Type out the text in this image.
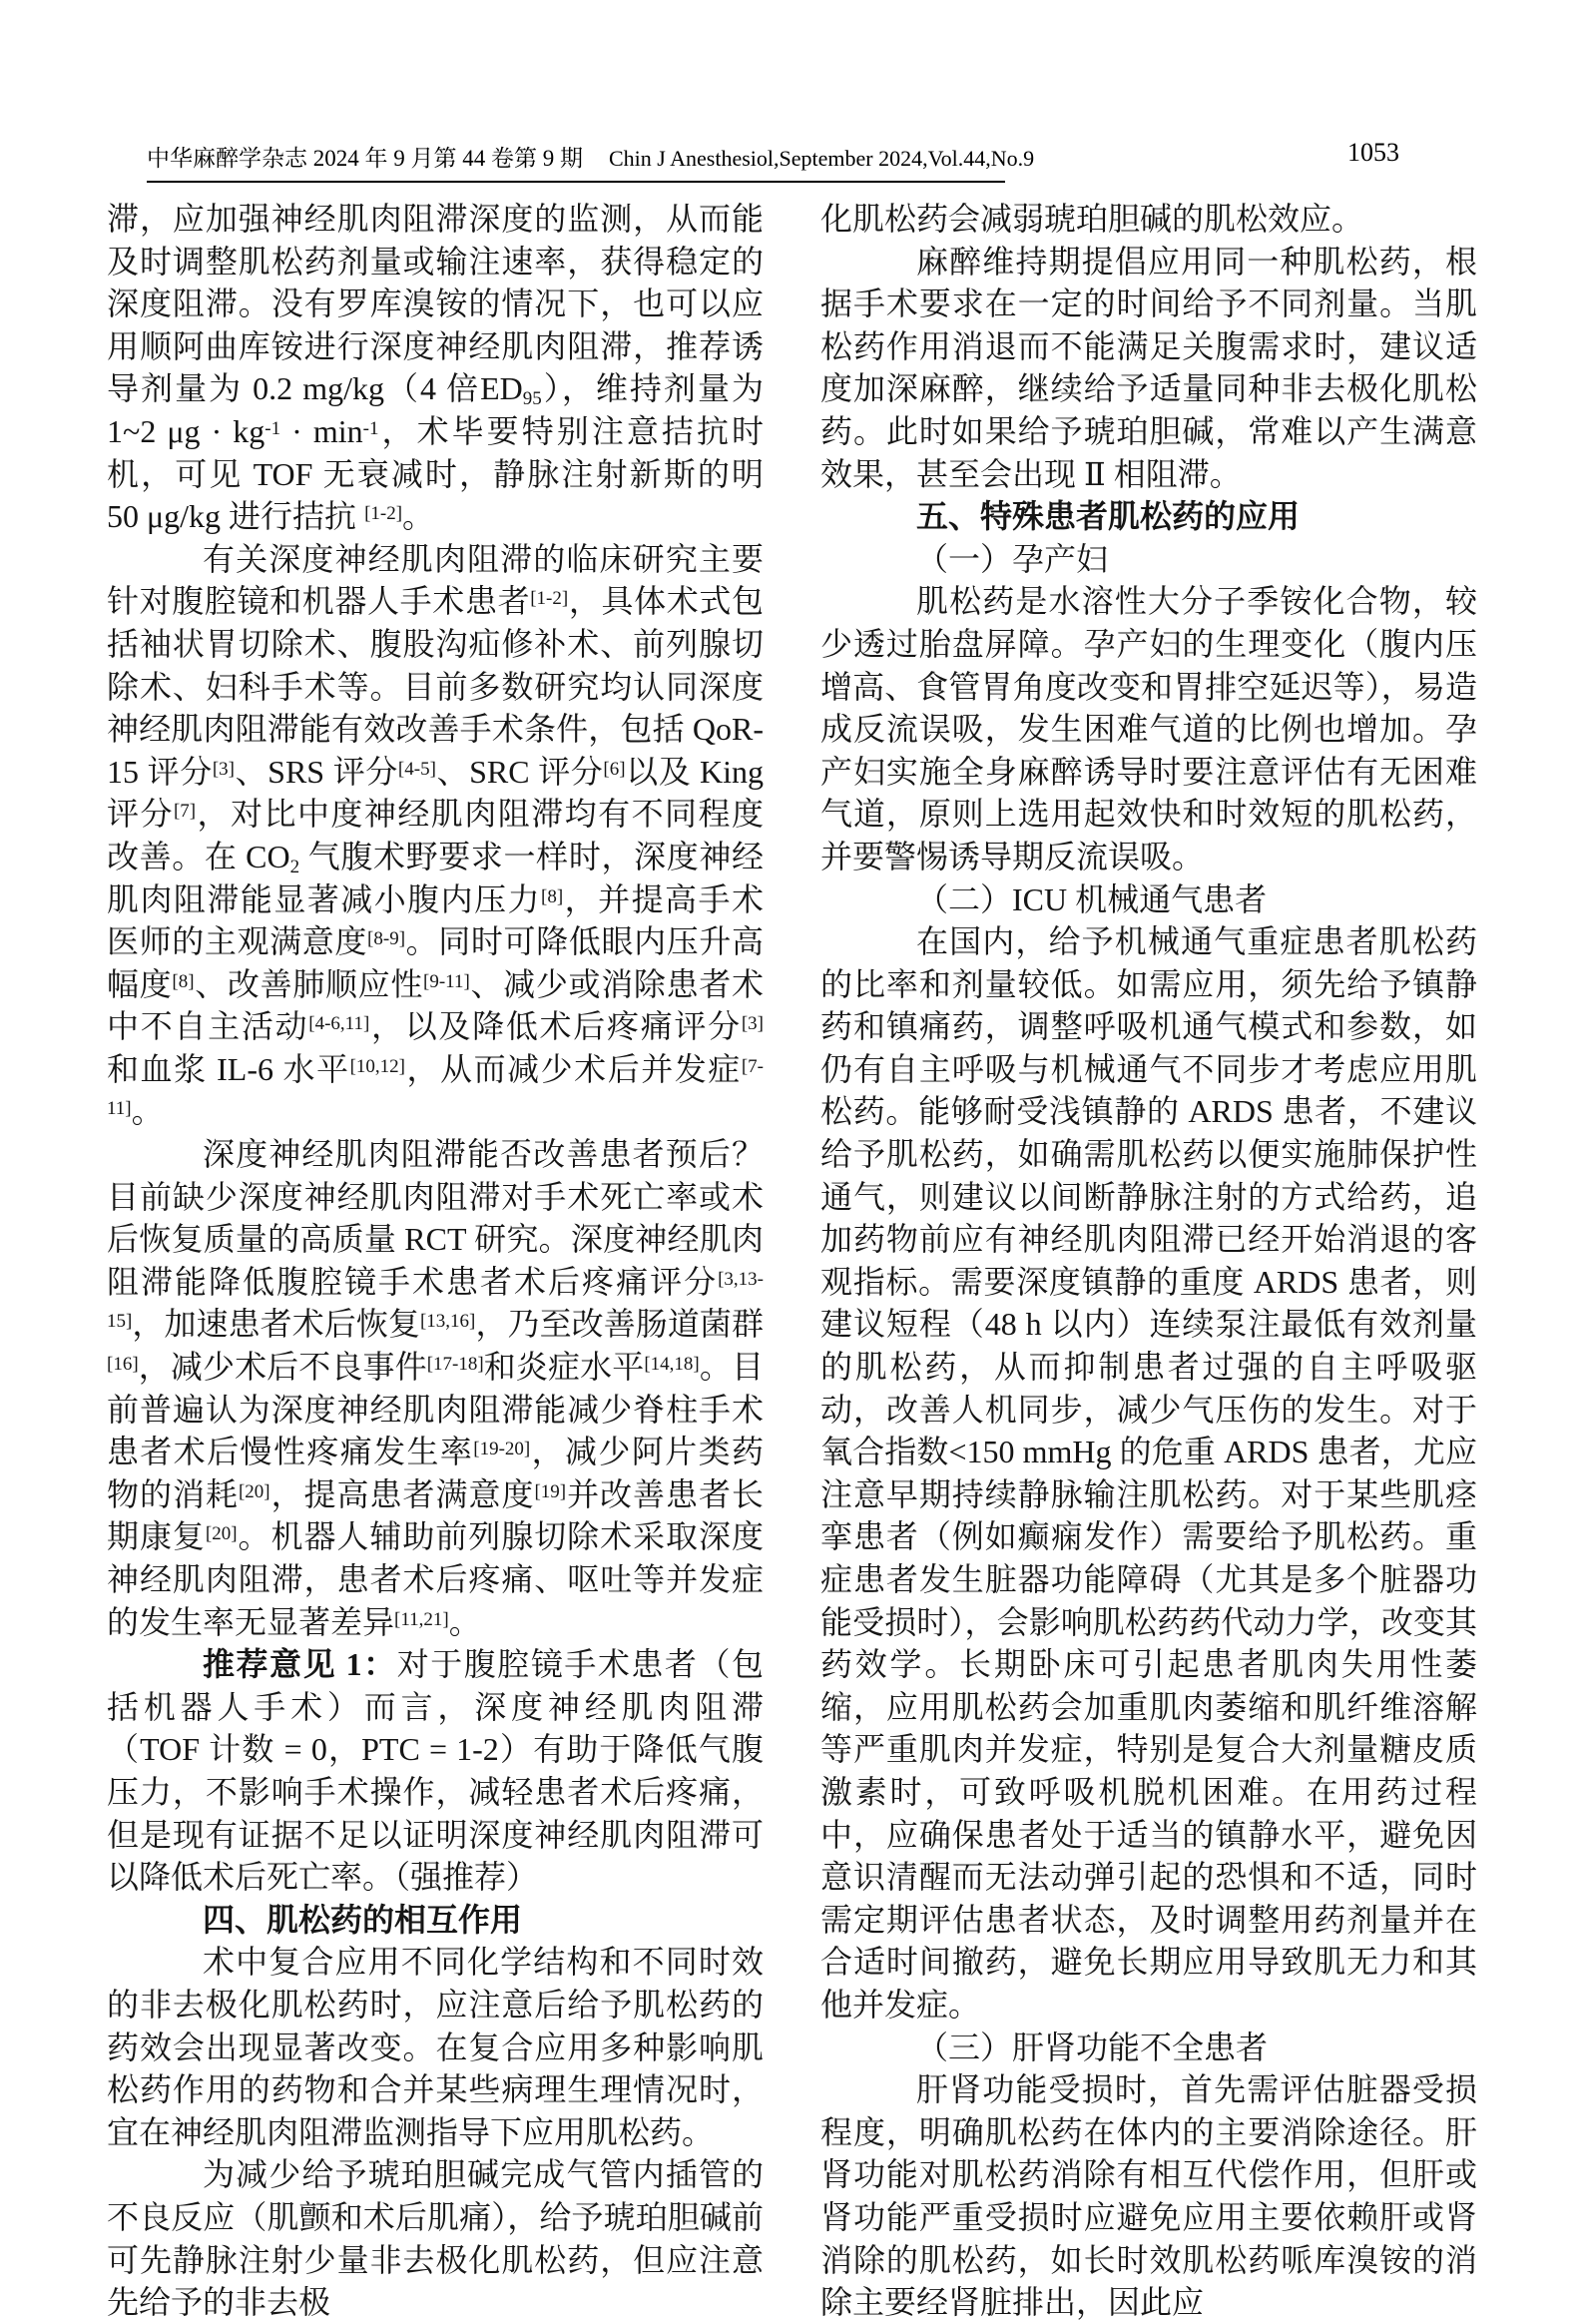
中华麻醉学杂志 2024 年 9 月第 44 卷第 9 期 Chin J Anesthesiol,September 2024,Vol.44,No.9	1053

滞，应加强神经肌肉阻滞深度的监测，从而能及时调整肌松药剂量或输注速率，获得稳定的深度阻滞。没有罗库溴铵的情况下，也可以应用顺阿曲库铵进行深度神经肌肉阻滞，推荐诱导剂量为 0.2 mg/kg（4 倍$ED_{95}$），维持剂量为 1~2 $\mu g \cdot kg^{-1} \cdot \min^{-1}$，术毕要特别注意拮抗时机，可见 TOF 无衰减时，静脉注射新斯的明 50 μg/kg 进行拮抗 [1-2]。

有关深度神经肌肉阻滞的临床研究主要针对腹腔镜和机器人手术患者[1-2]，具体术式包括袖状胃切除术、腹股沟疝修补术、前列腺切除术、妇科手术等。目前多数研究均认同深度神经肌肉阻滞能有效改善手术条件，包括 QoR-15 评分[3]、SRS 评分[4-5]、SRC 评分[6]以及 King 评分[7]，对比中度神经肌肉阻滞均有不同程度改善。在 $CO_2$ 气腹术野要求一样时，深度神经肌肉阻滞能显著减小腹内压力[8]，并提高手术医师的主观满意度[8-9]。同时可降低眼内压升高幅度[8]、改善肺顺应性[9-11]、减少或消除患者术中不自主活动[4-6,11]，以及降低术后疼痛评分[3]和血浆 IL-6 水平[10,12]，从而减少术后并发症[7-11]。

深度神经肌肉阻滞能否改善患者预后？目前缺少深度神经肌肉阻滞对手术死亡率或术后恢复质量的高质量 RCT 研究。深度神经肌肉阻滞能降低腹腔镜手术患者术后疼痛评分[3,13-15]，加速患者术后恢复[13,16]，乃至改善肠道菌群[16]，减少术后不良事件[17-18]和炎症水平[14,18]。目前普遍认为深度神经肌肉阻滞能减少脊柱手术患者术后慢性疼痛发生率[19-20]，减少阿片类药物的消耗[20]，提高患者满意度[19]并改善患者长期康复[20]。机器人辅助前列腺切除术采取深度神经肌肉阻滞，患者术后疼痛、呕吐等并发症的发生率无显著差异[11,21]。

推荐意见 1：对于腹腔镜手术患者（包括机器人手术）而言，深度神经肌肉阻滞（TOF 计数 = 0，PTC = 1-2）有助于降低气腹压力，不影响手术操作，减轻患者术后疼痛，但是现有证据不足以证明深度神经肌肉阻滞可以降低术后死亡率。（强推荐）

四、肌松药的相互作用

术中复合应用不同化学结构和不同时效的非去极化肌松药时，应注意后给予肌松药的药效会出现显著改变。在复合应用多种影响肌松药作用的药物和合并某些病理生理情况时，宜在神经肌肉阻滞监测指导下应用肌松药。

为减少给予琥珀胆碱完成气管内插管的不良反应（肌颤和术后肌痛），给予琥珀胆碱前可先静脉注射少量非去极化肌松药，但应注意先给予的非去极

化肌松药会减弱琥珀胆碱的肌松效应。

麻醉维持期提倡应用同一种肌松药，根据手术要求在一定的时间给予不同剂量。当肌松药作用消退而不能满足关腹需求时，建议适度加深麻醉，继续给予适量同种非去极化肌松药。此时如果给予琥珀胆碱，常难以产生满意效果，甚至会出现 Ⅱ 相阻滞。

五、特殊患者肌松药的应用

（一）孕产妇

肌松药是水溶性大分子季铵化合物，较少透过胎盘屏障。孕产妇的生理变化（腹内压增高、食管胃角度改变和胃排空延迟等），易造成反流误吸，发生困难气道的比例也增加。孕产妇实施全身麻醉诱导时要注意评估有无困难气道，原则上选用起效快和时效短的肌松药，并要警惕诱导期反流误吸。

（二）ICU 机械通气患者

在国内，给予机械通气重症患者肌松药的比率和剂量较低。如需应用，须先给予镇静药和镇痛药，调整呼吸机通气模式和参数，如仍有自主呼吸与机械通气不同步才考虑应用肌松药。能够耐受浅镇静的 ARDS 患者，不建议给予肌松药，如确需肌松药以便实施肺保护性通气，则建议以间断静脉注射的方式给药，追加药物前应有神经肌肉阻滞已经开始消退的客观指标。需要深度镇静的重度 ARDS 患者，则建议短程（48 h 以内）连续泵注最低有效剂量的肌松药，从而抑制患者过强的自主呼吸驱动，改善人机同步，减少气压伤的发生。对于氧合指数<150 mmHg 的危重 ARDS 患者，尤应注意早期持续静脉输注肌松药。对于某些肌痉挛患者（例如癫痫发作）需要给予肌松药。重症患者发生脏器功能障碍（尤其是多个脏器功能受损时），会影响肌松药药代动力学，改变其药效学。长期卧床可引起患者肌肉失用性萎缩，应用肌松药会加重肌肉萎缩和肌纤维溶解等严重肌肉并发症，特别是复合大剂量糖皮质激素时，可致呼吸机脱机困难。在用药过程中，应确保患者处于适当的镇静水平，避免因意识清醒而无法动弹引起的恐惧和不适，同时需定期评估患者状态，及时调整用药剂量并在合适时间撤药，避免长期应用导致肌无力和其他并发症。

（三）肝肾功能不全患者

肝肾功能受损时，首先需评估脏器受损程度，明确肌松药在体内的主要消除途径。肝肾功能对肌松药消除有相互代偿作用，但肝或肾功能严重受损时应避免应用主要依赖肝或肾消除的肌松药，如长时效肌松药哌库溴铵的消除主要经肾脏排出，因此应
